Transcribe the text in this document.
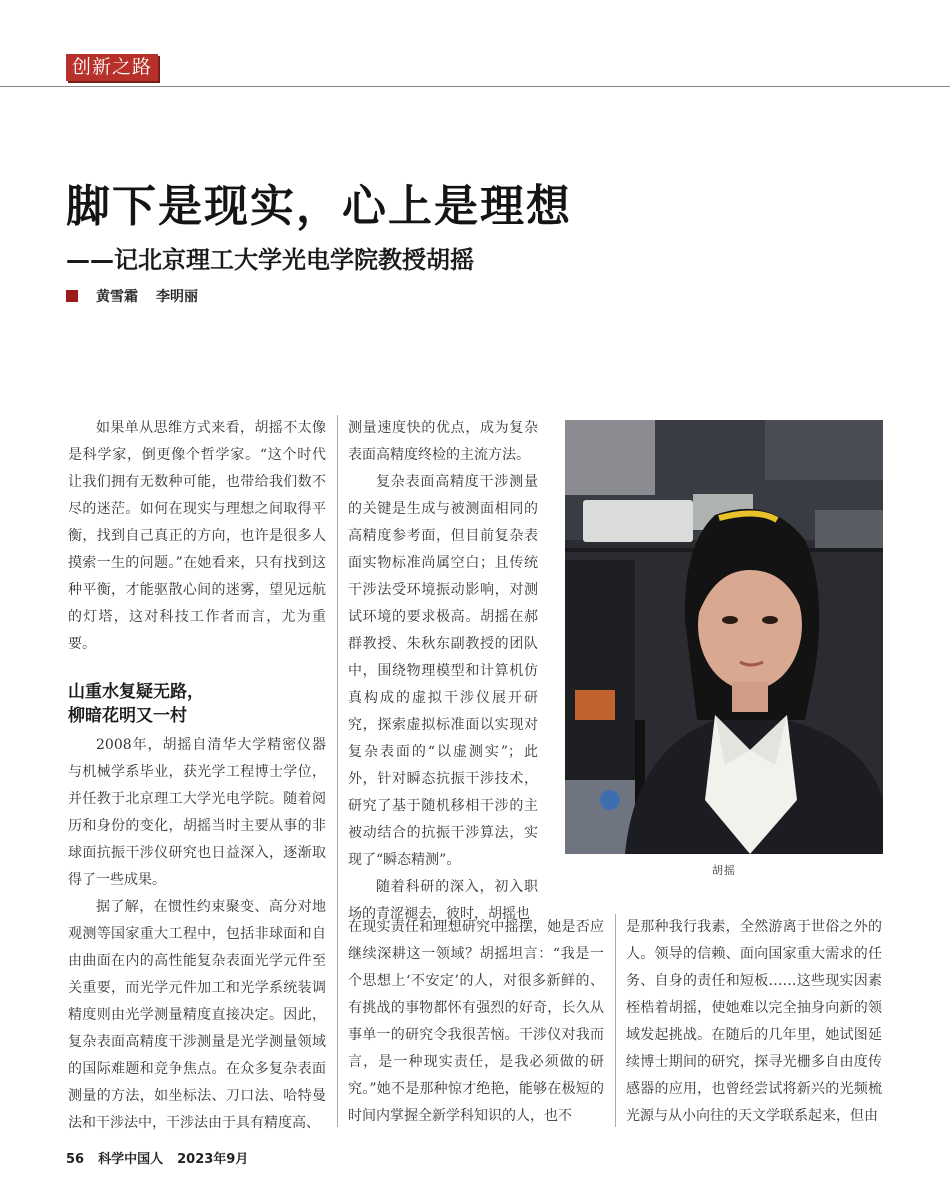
创新之路
脚下是现实，心上是理想
——记北京理工大学光电学院教授胡摇
黄雪霜 李明丽

如果单从思维方式来看，胡摇不太像是科学家，倒更像个哲学家。“这个时代让我们拥有无数种可能，也带给我们数不尽的迷茫。如何在现实与理想之间取得平衡，找到自己真正的方向，也许是很多人摸索一生的问题。”在她看来，只有找到这种平衡，才能驱散心间的迷雾，望见远航的灯塔，这对科技工作者而言，尤为重要。

山重水复疑无路，
柳暗花明又一村

2008年，胡摇自清华大学精密仪器与机械学系毕业，获光学工程博士学位，并任教于北京理工大学光电学院。随着阅历和身份的变化，胡摇当时主要从事的非球面抗振干涉仪研究也日益深入，逐渐取得了一些成果。

据了解，在惯性约束聚变、高分对地观测等国家重大工程中，包括非球面和自由曲面在内的高性能复杂表面光学元件至关重要，而光学元件加工和光学系统装调精度则由光学测量精度直接决定。因此，复杂表面高精度干涉测量是光学测量领域的国际难题和竞争焦点。在众多复杂表面测量的方法，如坐标法、刀口法、哈特曼法和干涉法中，干涉法由于具有精度高、

测量速度快的优点，成为复杂表面高精度终检的主流方法。

复杂表面高精度干涉测量的关键是生成与被测面相同的高精度参考面，但目前复杂表面实物标准尚属空白；且传统干涉法受环境振动影响，对测试环境的要求极高。胡摇在郝群教授、朱秋东副教授的团队中，围绕物理模型和计算机仿真构成的虚拟干涉仪展开研究，探索虚拟标准面以实现对复杂表面的“以虚测实”；此外，针对瞬态抗振干涉技术，研究了基于随机移相干涉的主被动结合的抗振干涉算法，实现了“瞬态精测”。

随着科研的深入，初入职场的青涩褪去，彼时，胡摇也

在现实责任和理想研究中摇摆，她是否应继续深耕这一领域？胡摇坦言：“我是一个思想上‘不安定’的人，对很多新鲜的、有挑战的事物都怀有强烈的好奇，长久从事单一的研究令我很苦恼。干涉仪对我而言，是一种现实责任，是我必须做的研究。”她不是那种惊才绝艳，能够在极短的时间内掌握全新学科知识的人，也不

是那种我行我素，全然游离于世俗之外的人。领导的信赖、面向国家重大需求的任务、自身的责任和短板……这些现实因素桎梏着胡摇，使她难以完全抽身向新的领域发起挑战。在随后的几年里，她试图延续博士期间的研究，探寻光栅多自由度传感器的应用，也曾经尝试将新兴的光频梳光源与从小向往的天文学联系起来，但由

胡摇
56 科学中国人 2023年9月
